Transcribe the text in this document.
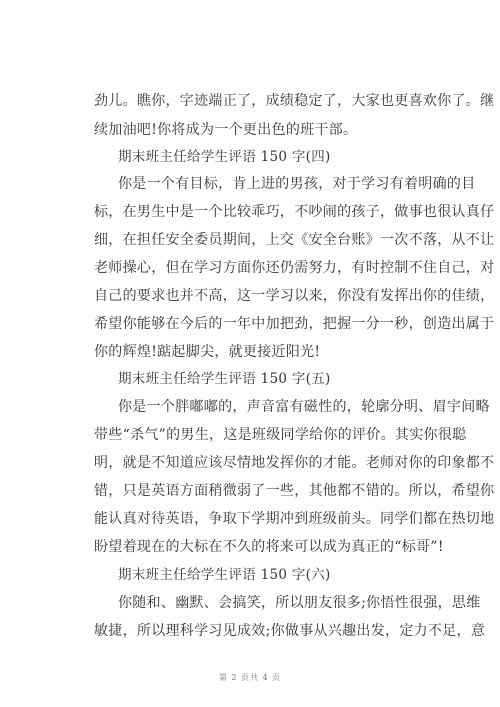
劲儿。瞧你，字迹端正了，成绩稳定了，大家也更喜欢你了。继
续加油吧!你将成为一个更出色的班干部。
期末班主任给学生评语 150 字(四)
你是一个有目标，肯上进的男孩，对于学习有着明确的目
标，在男生中是一个比较乖巧，不吵闹的孩子，做事也很认真仔
细，在担任安全委员期间，上交《安全台账》一次不落，从不让
老师操心，但在学习方面你还仍需努力，有时控制不住自己，对
自己的要求也并不高，这一学习以来，你没有发挥出你的佳绩，
希望你能够在今后的一年中加把劲，把握一分一秒，创造出属于
你的辉煌!踮起脚尖，就更接近阳光!
期末班主任给学生评语 150 字(五)
你是一个胖嘟嘟的，声音富有磁性的，轮廓分明、眉宇间略
带些“杀气”的男生，这是班级同学给你的评价。其实你很聪
明，就是不知道应该尽情地发挥你的才能。老师对你的印象都不
错，只是英语方面稍微弱了一些，其他都不错的。所以，希望你
能认真对待英语，争取下学期冲到班级前头。同学们都在热切地
盼望着现在的大标在不久的将来可以成为真正的“标哥”!
期末班主任给学生评语 150 字(六)
你随和、幽默、会搞笑，所以朋友很多;你悟性很强，思维
敏捷，所以理科学习见成效;你做事从兴趣出发，定力不足，意
第 2 页共 4 页
